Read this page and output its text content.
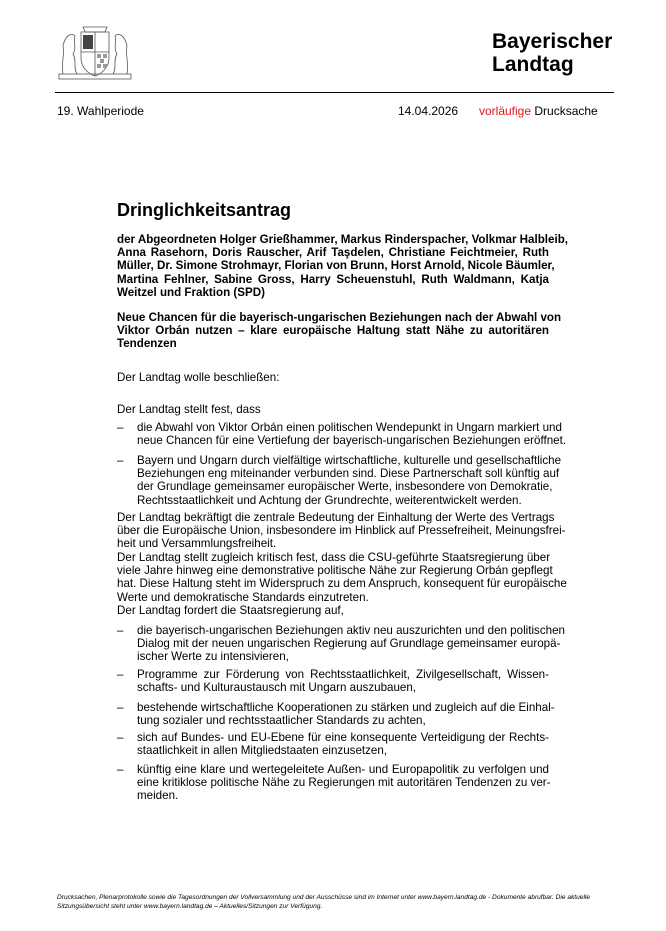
Bayerischer
Landtag
19. Wahlperiode	14.04.2026 vorläufige Drucksache
Dringlichkeitsantrag
der Abgeordneten Holger Grießhammer, Markus Rinderspacher, Volkmar Halbleib,
Anna Rasehorn, Doris Rauscher, Arif Taşdelen, Christiane Feichtmeier, Ruth
Müller, Dr. Simone Strohmayr, Florian von Brunn, Horst Arnold, Nicole Bäumler,
Martina Fehlner, Sabine Gross, Harry Scheuenstuhl, Ruth Waldmann, Katja
Weitzel und Fraktion (SPD)
Neue Chancen für die bayerisch-ungarischen Beziehungen nach der Abwahl von
Viktor Orbán nutzen – klare europäische Haltung statt Nähe zu autoritären
Tendenzen
Der Landtag wolle beschließen:
Der Landtag stellt fest, dass
– die Abwahl von Viktor Orbán einen politischen Wendepunkt in Ungarn markiert und
neue Chancen für eine Vertiefung der bayerisch-ungarischen Beziehungen eröffnet.
– Bayern und Ungarn durch vielfältige wirtschaftliche, kulturelle und gesellschaftliche
Beziehungen eng miteinander verbunden sind. Diese Partnerschaft soll künftig auf
der Grundlage gemeinsamer europäischer Werte, insbesondere von Demokratie,
Rechtsstaatlichkeit und Achtung der Grundrechte, weiterentwickelt werden.
Der Landtag bekräftigt die zentrale Bedeutung der Einhaltung der Werte des Vertrags
über die Europäische Union, insbesondere im Hinblick auf Pressefreiheit, Meinungsfrei-
heit und Versammlungsfreiheit.
Der Landtag stellt zugleich kritisch fest, dass die CSU-geführte Staatsregierung über
viele Jahre hinweg eine demonstrative politische Nähe zur Regierung Orbán gepflegt
hat. Diese Haltung steht im Widerspruch zu dem Anspruch, konsequent für europäische
Werte und demokratische Standards einzutreten.
Der Landtag fordert die Staatsregierung auf,
– die bayerisch-ungarischen Beziehungen aktiv neu auszurichten und den politischen
Dialog mit der neuen ungarischen Regierung auf Grundlage gemeinsamer europä-
ischer Werte zu intensivieren,
– Programme zur Förderung von Rechtsstaatlichkeit, Zivilgesellschaft, Wissen-
schafts- und Kulturaustausch mit Ungarn auszubauen,
– bestehende wirtschaftliche Kooperationen zu stärken und zugleich auf die Einhal-
tung sozialer und rechtsstaatlicher Standards zu achten,
– sich auf Bundes- und EU-Ebene für eine konsequente Verteidigung der Rechts-
staatlichkeit in allen Mitgliedstaaten einzusetzen,
– künftig eine klare und wertegeleitete Außen- und Europapolitik zu verfolgen und
eine kritiklose politische Nähe zu Regierungen mit autoritären Tendenzen zu ver-
meiden.
Drucksachen, Plenarprotokolle sowie die Tagesordnungen der Vollversammlung und der Ausschüsse sind im Internet unter www.bayern.landtag.de - Dokumente abrufbar. Die aktuelle
Sitzungsübersicht steht unter www.bayern.landtag.de – Aktuelles/Sitzungen zur Verfügung.
